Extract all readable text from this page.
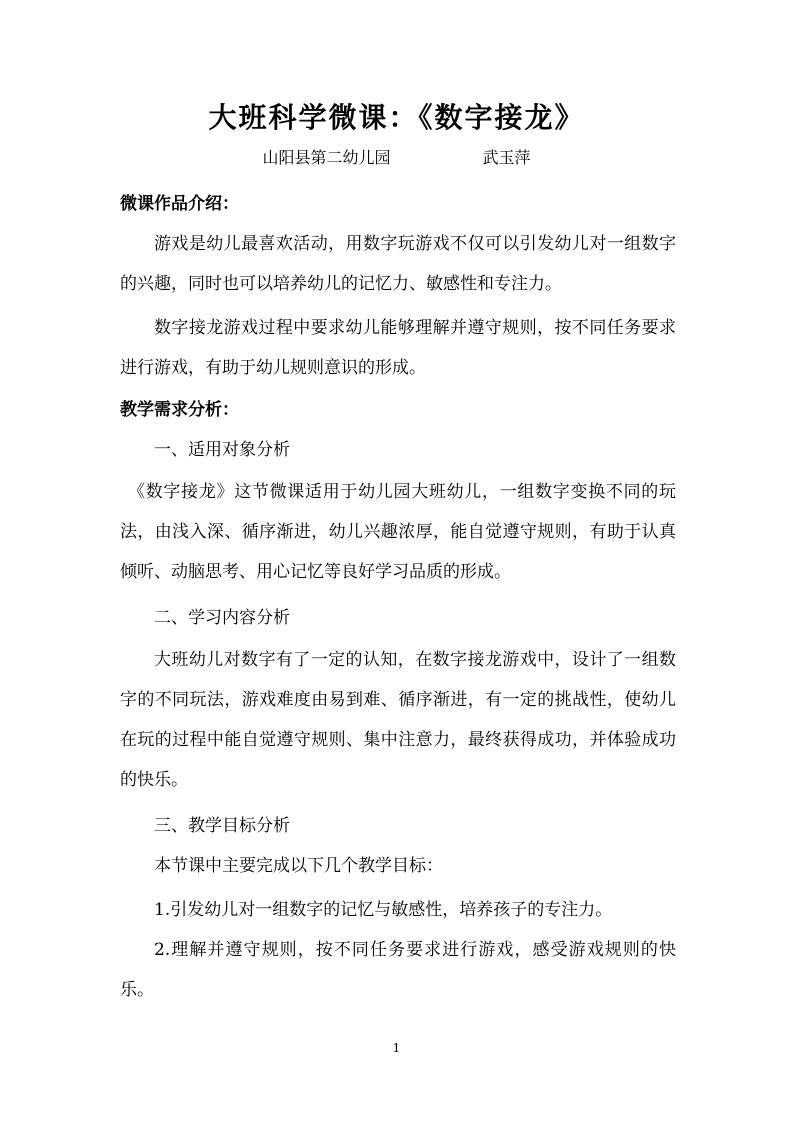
大班科学微课：《数字接龙》
山阳县第二幼儿园	武玉萍
微课作品介绍：
游戏是幼儿最喜欢活动，用数字玩游戏不仅可以引发幼儿对一组数字的兴趣，同时也可以培养幼儿的记忆力、敏感性和专注力。
数字接龙游戏过程中要求幼儿能够理解并遵守规则，按不同任务要求进行游戏，有助于幼儿规则意识的形成。
教学需求分析：
一、适用对象分析
《数字接龙》这节微课适用于幼儿园大班幼儿，一组数字变换不同的玩法，由浅入深、循序渐进，幼儿兴趣浓厚，能自觉遵守规则，有助于认真倾听、动脑思考、用心记忆等良好学习品质的形成。
二、学习内容分析
大班幼儿对数字有了一定的认知，在数字接龙游戏中，设计了一组数字的不同玩法，游戏难度由易到难、循序渐进，有一定的挑战性，使幼儿在玩的过程中能自觉遵守规则、集中注意力，最终获得成功，并体验成功的快乐。
三、教学目标分析
本节课中主要完成以下几个教学目标：
1.引发幼儿对一组数字的记忆与敏感性，培养孩子的专注力。
2.理解并遵守规则，按不同任务要求进行游戏，感受游戏规则的快乐。
1
